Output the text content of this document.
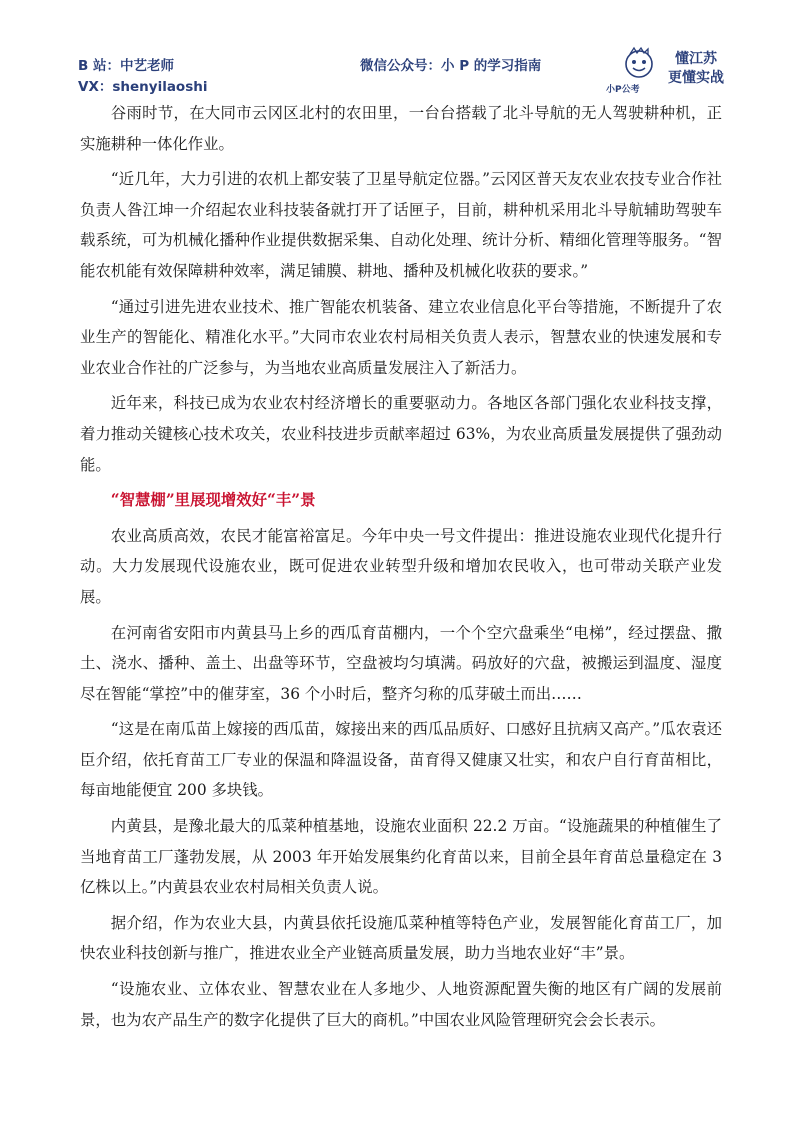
B 站：中艺老师
VX：shenyilaoshi
微信公众号：小 P 的学习指南
小P公考
懂江苏
更懂实战

谷雨时节，在大同市云冈区北村的农田里，一台台搭载了北斗导航的无人驾驶耕种机，正实施耕种一体化作业。

“近几年，大力引进的农机上都安装了卫星导航定位器。”云冈区普天友农业农技专业合作社负责人昝江坤一介绍起农业科技装备就打开了话匣子，目前，耕种机采用北斗导航辅助驾驶车载系统，可为机械化播种作业提供数据采集、自动化处理、统计分析、精细化管理等服务。“智能农机能有效保障耕种效率，满足铺膜、耕地、播种及机械化收获的要求。”

“通过引进先进农业技术、推广智能农机装备、建立农业信息化平台等措施，不断提升了农业生产的智能化、精准化水平。”大同市农业农村局相关负责人表示，智慧农业的快速发展和专业农业合作社的广泛参与，为当地农业高质量发展注入了新活力。

近年来，科技已成为农业农村经济增长的重要驱动力。各地区各部门强化农业科技支撑，着力推动关键核心技术攻关，农业科技进步贡献率超过 63%，为农业高质量发展提供了强劲动能。

“智慧棚”里展现增效好“丰”景

农业高质高效，农民才能富裕富足。今年中央一号文件提出：推进设施农业现代化提升行动。大力发展现代设施农业，既可促进农业转型升级和增加农民收入，也可带动关联产业发展。

在河南省安阳市内黄县马上乡的西瓜育苗棚内，一个个空穴盘乘坐“电梯”，经过摆盘、撒土、浇水、播种、盖土、出盘等环节，空盘被均匀填满。码放好的穴盘，被搬运到温度、湿度尽在智能“掌控”中的催芽室，36 个小时后，整齐匀称的瓜芽破土而出……

“这是在南瓜苗上嫁接的西瓜苗，嫁接出来的西瓜品质好、口感好且抗病又高产。”瓜农袁还臣介绍，依托育苗工厂专业的保温和降温设备，苗育得又健康又壮实，和农户自行育苗相比，每亩地能便宜 200 多块钱。

内黄县，是豫北最大的瓜菜种植基地，设施农业面积 22.2 万亩。“设施蔬果的种植催生了当地育苗工厂蓬勃发展，从 2003 年开始发展集约化育苗以来，目前全县年育苗总量稳定在 3 亿株以上。”内黄县农业农村局相关负责人说。

据介绍，作为农业大县，内黄县依托设施瓜菜种植等特色产业，发展智能化育苗工厂，加快农业科技创新与推广，推进农业全产业链高质量发展，助力当地农业好“丰”景。

“设施农业、立体农业、智慧农业在人多地少、人地资源配置失衡的地区有广阔的发展前景，也为农产品生产的数字化提供了巨大的商机。”中国农业风险管理研究会会长表示。
